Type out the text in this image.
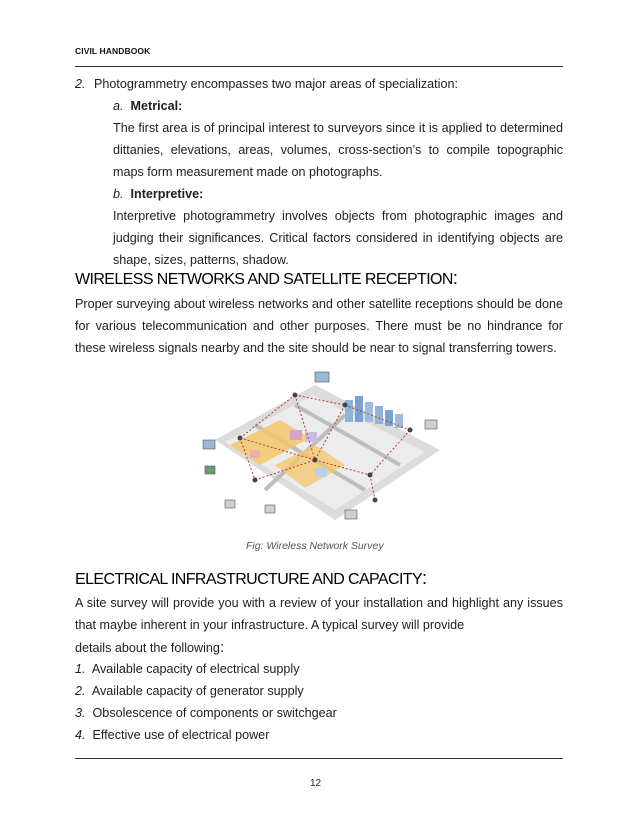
CIVIL HANDBOOK
2. Photogrammetry encompasses two major areas of specialization:
a. Metrical:
The first area is of principal interest to surveyors since it is applied to determined dittanies, elevations, areas, volumes, cross-section’s to compile topographic maps form measurement made on photographs.
b. Interpretive:
Interpretive photogrammetry involves objects from photographic images and judging their significances. Critical factors considered in identifying objects are shape, sizes, patterns, shadow.
WIRELESS NETWORKS AND SATELLITE RECEPTION:
Proper surveying about wireless networks and other satellite receptions should be done for various telecommunication and other purposes. There must be no hindrance for these wireless signals nearby and the site should be near to signal transferring towers.
Fig: Wireless Network Survey
ELECTRICAL INFRASTRUCTURE AND CAPACITY:
A site survey will provide you with a review of your installation and highlight any issues that maybe inherent in your infrastructure. A typical survey will provide
details about the following:
1. Available capacity of electrical supply
2. Available capacity of generator supply
3. Obsolescence of components or switchgear
4. Effective use of electrical power
12
